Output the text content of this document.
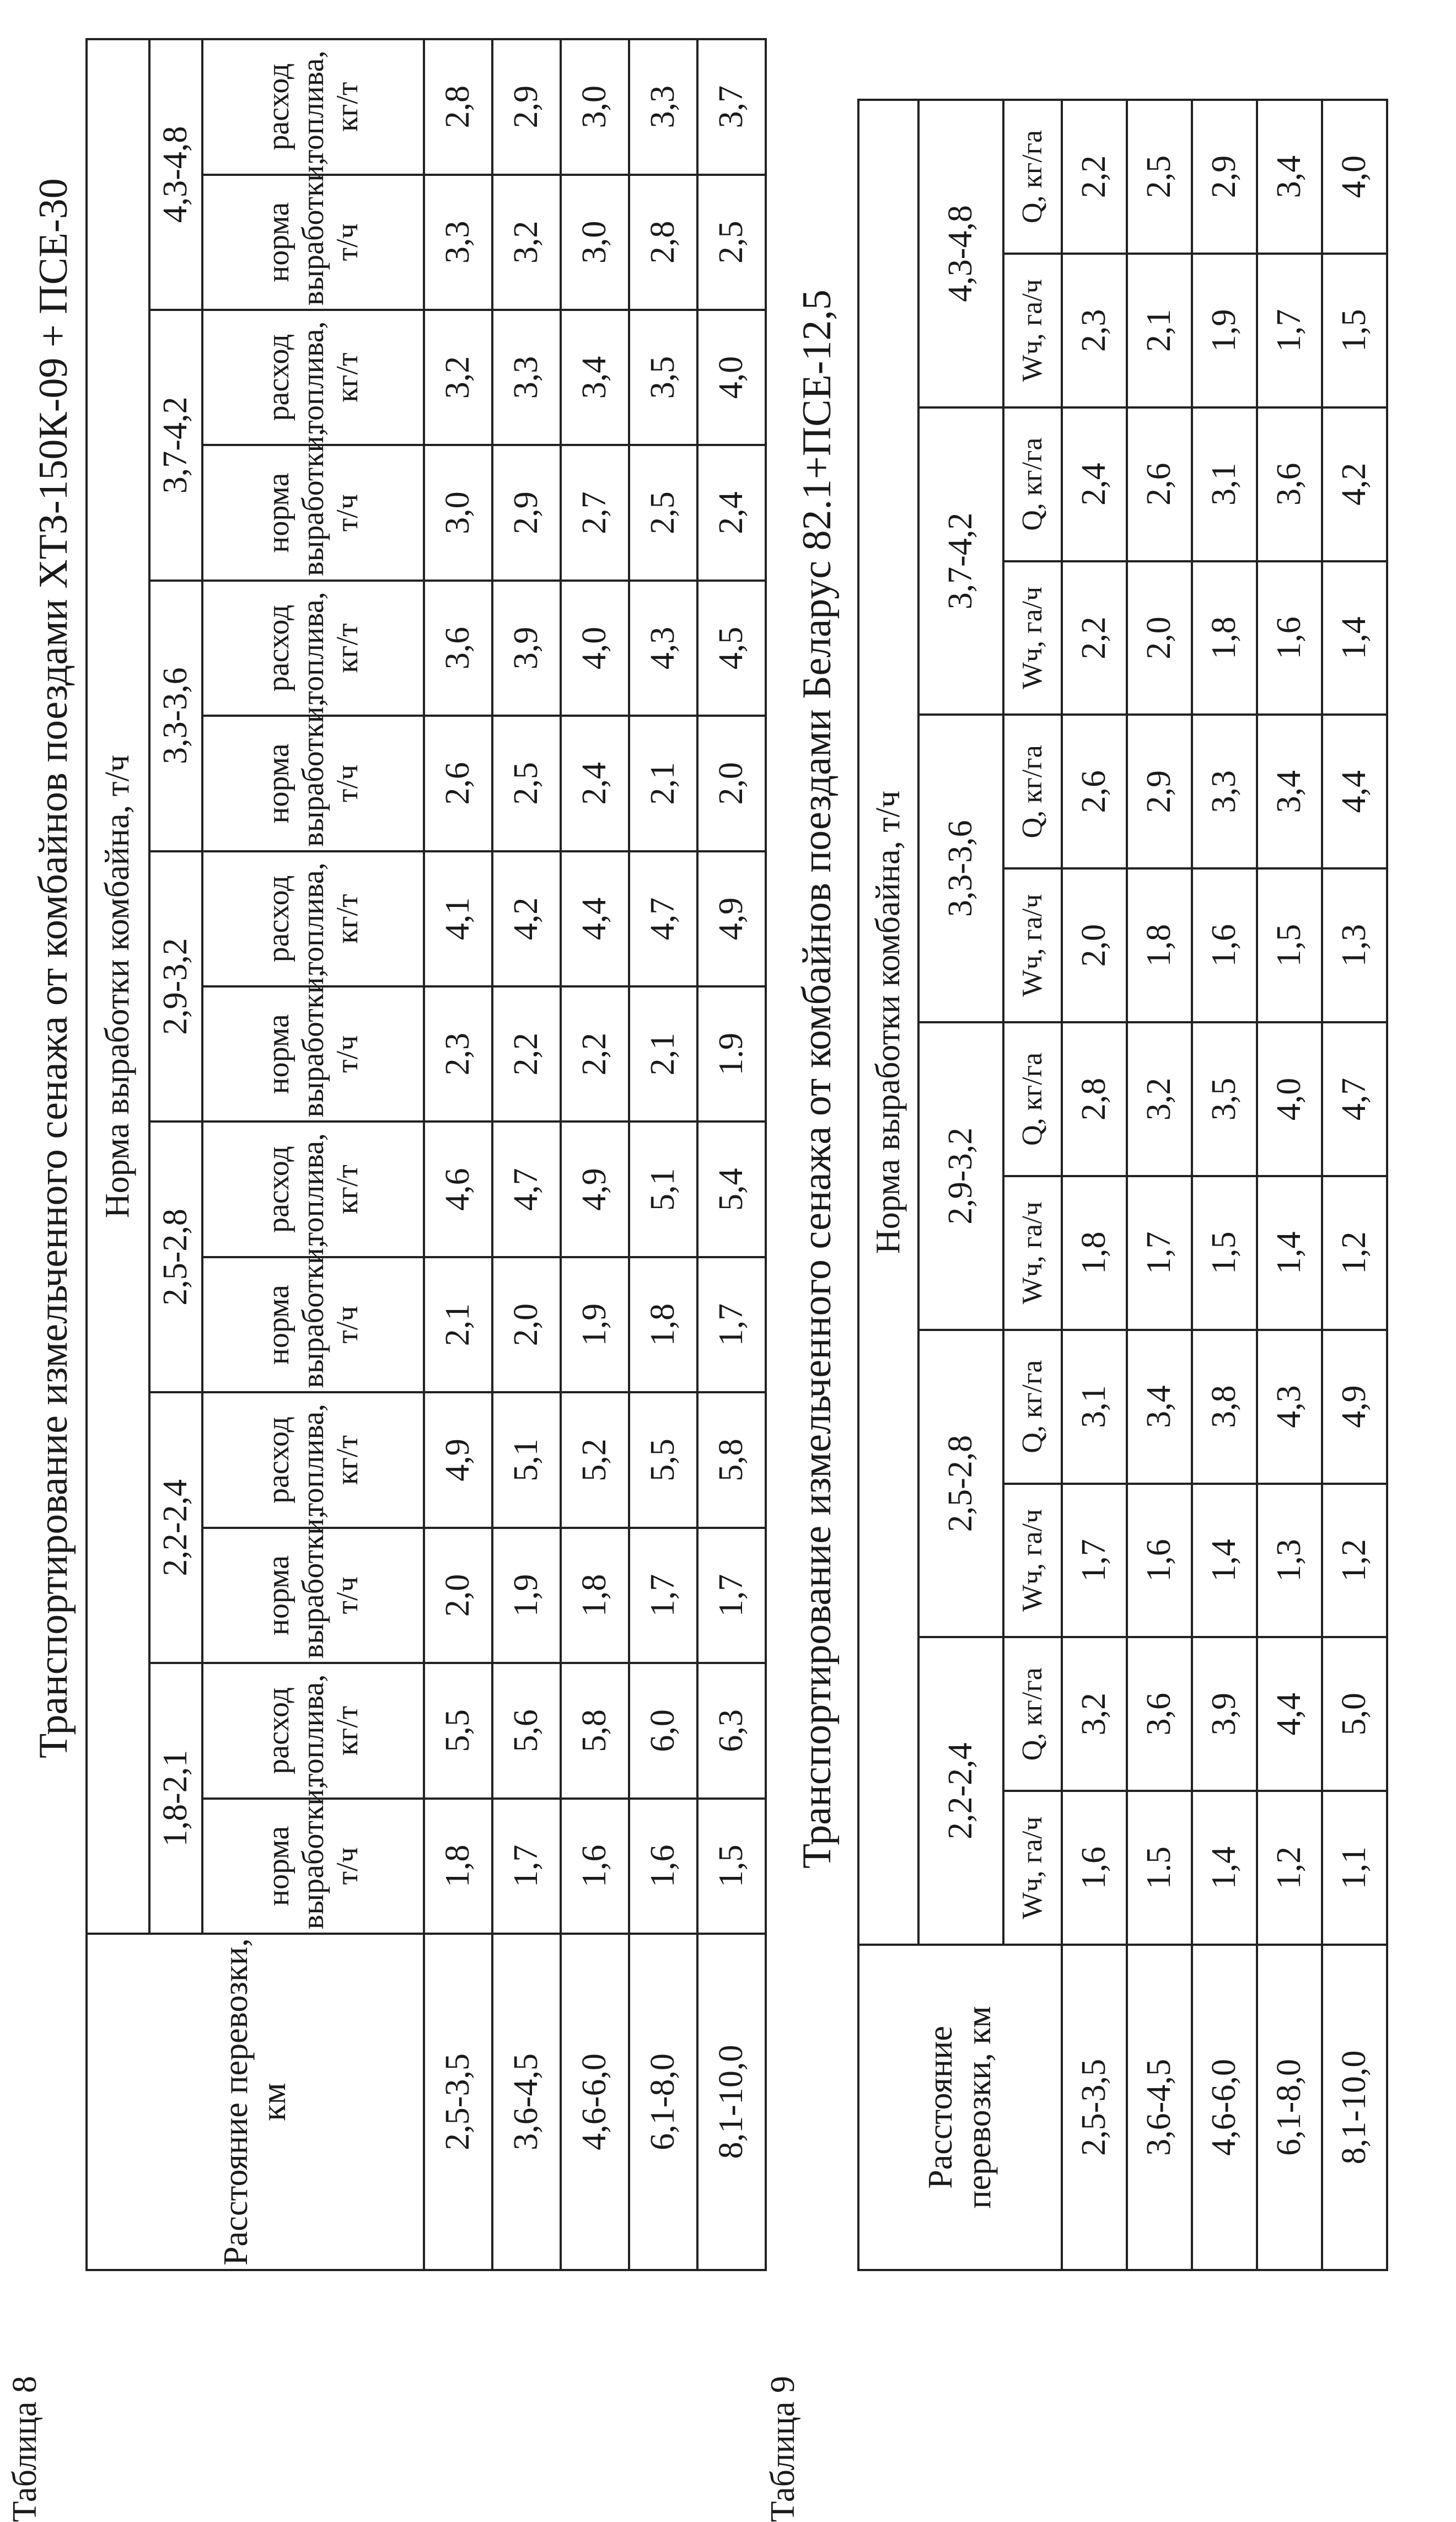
Таблица 8
Транспортирование измельченного сенажа от комбайнов поездами ХТЗ-150К-09 + ПСЕ-30
Расстояние перевозки, км	Норма выработки комбайна, т/ч													
	1,8-2,1		2,2-2,4		2,5-2,8		2,9-3,2		3,3-3,6		3,7-4,2		4,3-4,8	
	норма выработки, т/ч	расход топлива, кг/т	норма выработки, т/ч	расход топлива, кг/т	норма выработки, т/ч	расход топлива, кг/т	норма выработки, т/ч	расход топлива, кг/т	норма выработки, т/ч	расход топлива, кг/т	норма выработки, т/ч	расход топлива, кг/т	норма выработки, т/ч	расход топлива, кг/т
2,5-3,5	1,8	5,5	2,0	4,9	2,1	4,6	2,3	4,1	2,6	3,6	3,0	3,2	3,3	2,8
3,6-4,5	1,7	5,6	1,9	5,1	2,0	4,7	2,2	4,2	2,5	3,9	2,9	3,3	3,2	2,9
4,6-6,0	1,6	5,8	1,8	5,2	1,9	4,9	2,2	4,4	2,4	4,0	2,7	3,4	3,0	3,0
6,1-8,0	1,6	6,0	1,7	5,5	1,8	5,1	2,1	4,7	2,1	4,3	2,5	3,5	2,8	3,3
8,1-10,0	1,5	6,3	1,7	5,8	1,7	5,4	1.9	4,9	2,0	4,5	2,4	4,0	2,5	3,7
Таблица 9
Транспортирование измельченного сенажа от комбайнов поездами Беларус 82.1+ПСЕ-12,5
Расстояние перевозки, км	Норма выработки комбайна, т/ч											
	2,2-2,4		2,5-2,8		2,9-3,2		3,3-3,6		3,7-4,2		4,3-4,8	
	Wч, га/ч	Q, кг/га	Wч, га/ч	Q, кг/га	Wч, га/ч	Q, кг/га	Wч, га/ч	Q, кг/га	Wч, га/ч	Q, кг/га	Wч, га/ч	Q, кг/га
2,5-3,5	1,6	3,2	1,7	3,1	1,8	2,8	2,0	2,6	2,2	2,4	2,3	2,2
3,6-4,5	1.5	3,6	1,6	3,4	1,7	3,2	1,8	2,9	2,0	2,6	2,1	2,5
4,6-6,0	1,4	3,9	1,4	3,8	1,5	3,5	1,6	3,3	1,8	3,1	1,9	2,9
6,1-8,0	1,2	4,4	1,3	4,3	1,4	4,0	1,5	3,4	1,6	3,6	1,7	3,4
8,1-10,0	1,1	5,0	1,2	4,9	1,2	4,7	1,3	4,4	1,4	4,2	1,5	4,0
